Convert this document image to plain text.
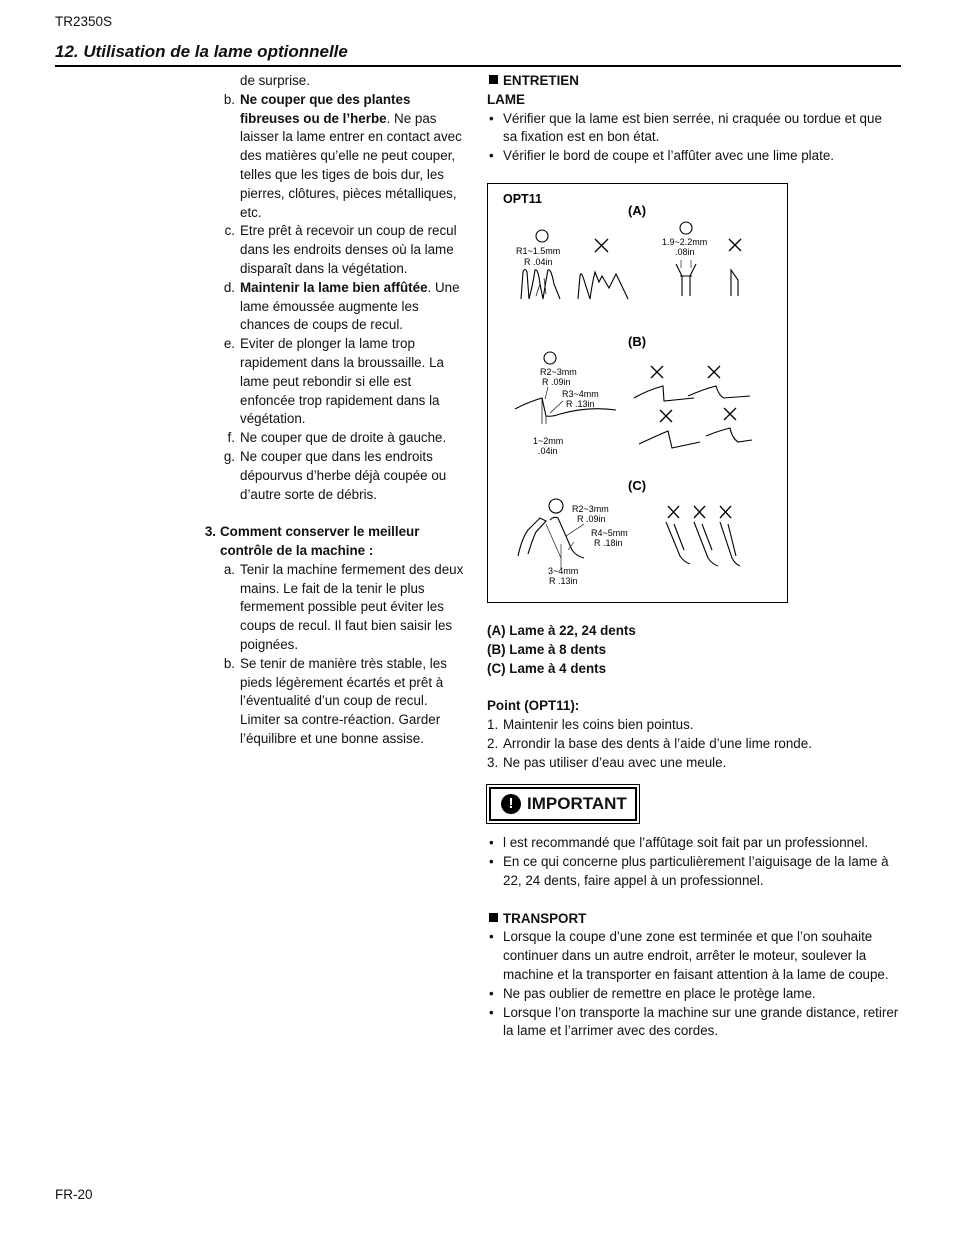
TR2350S
12. Utilisation de la lame optionnelle
de surprise.
b. Ne couper que des plantes fibreuses ou de l’herbe. Ne pas laisser la lame entrer en contact avec des matières qu’elle ne peut couper, telles que les tiges de bois dur, les pierres, clôtures, pièces métalliques, etc.
c. Etre prêt à recevoir un coup de recul dans les endroits denses où la lame disparaît dans la végétation.
d. Maintenir la lame bien affûtée. Une lame émoussée augmente les chances de coups de recul.
e. Eviter de plonger la lame trop rapidement dans la broussaille. La lame peut rebondir si elle est enfoncée trop rapidement dans la végétation.
f. Ne couper que de droite à gauche.
g. Ne couper que dans les endroits dépourvus d’herbe déjà coupée ou d’autre sorte de débris.
3. Comment conserver le meilleur contrôle de la machine :
a. Tenir la machine fermement des deux mains. Le fait de la tenir le plus fermement possible peut éviter les coups de recul. Il faut bien saisir les poignées.
b. Se tenir de manière très stable, les pieds légèrement écartés et prêt à l’éventualité d’un coup de recul. Limiter sa contre-réaction. Garder l’équilibre et une bonne assise.
ENTRETIEN
LAME
• Vérifier que la lame est bien serrée, ni craquée ou tordue et que sa fixation est en bon état.
• Vérifier le bord de coupe et l’affûter avec une lime plate.
OPT11
(A)
R1~1.5mm
R .04in
1.9~2.2mm
.08in
(B)
R2~3mm
R .09in
R3~4mm
R .13in
1~2mm
.04in
(C)
R2~3mm
R .09in
R4~5mm
R .18in
3~4mm
R .13in
(A) Lame à 22, 24 dents
(B) Lame à 8 dents
(C) Lame à 4 dents
Point (OPT11):
1. Maintenir les coins bien pointus.
2. Arrondir la base des dents à l’aide d’une lime ronde.
3. Ne pas utiliser d’eau avec une meule.
! IMPORTANT
• l est recommandé que l’affûtage soit fait par un professionnel.
• En ce qui concerne plus particulièrement l’aiguisage de la lame à 22, 24 dents, faire appel à un professionnel.
TRANSPORT
• Lorsque la coupe d’une zone est terminée et que l’on souhaite continuer dans un autre endroit, arrêter le moteur, soulever la machine et la transporter en faisant attention à la lame de coupe.
• Ne pas oublier de remettre en place le protège lame.
• Lorsque l’on transporte la machine sur une grande distance, retirer la lame et l’arrimer avec des cordes.
FR-20
